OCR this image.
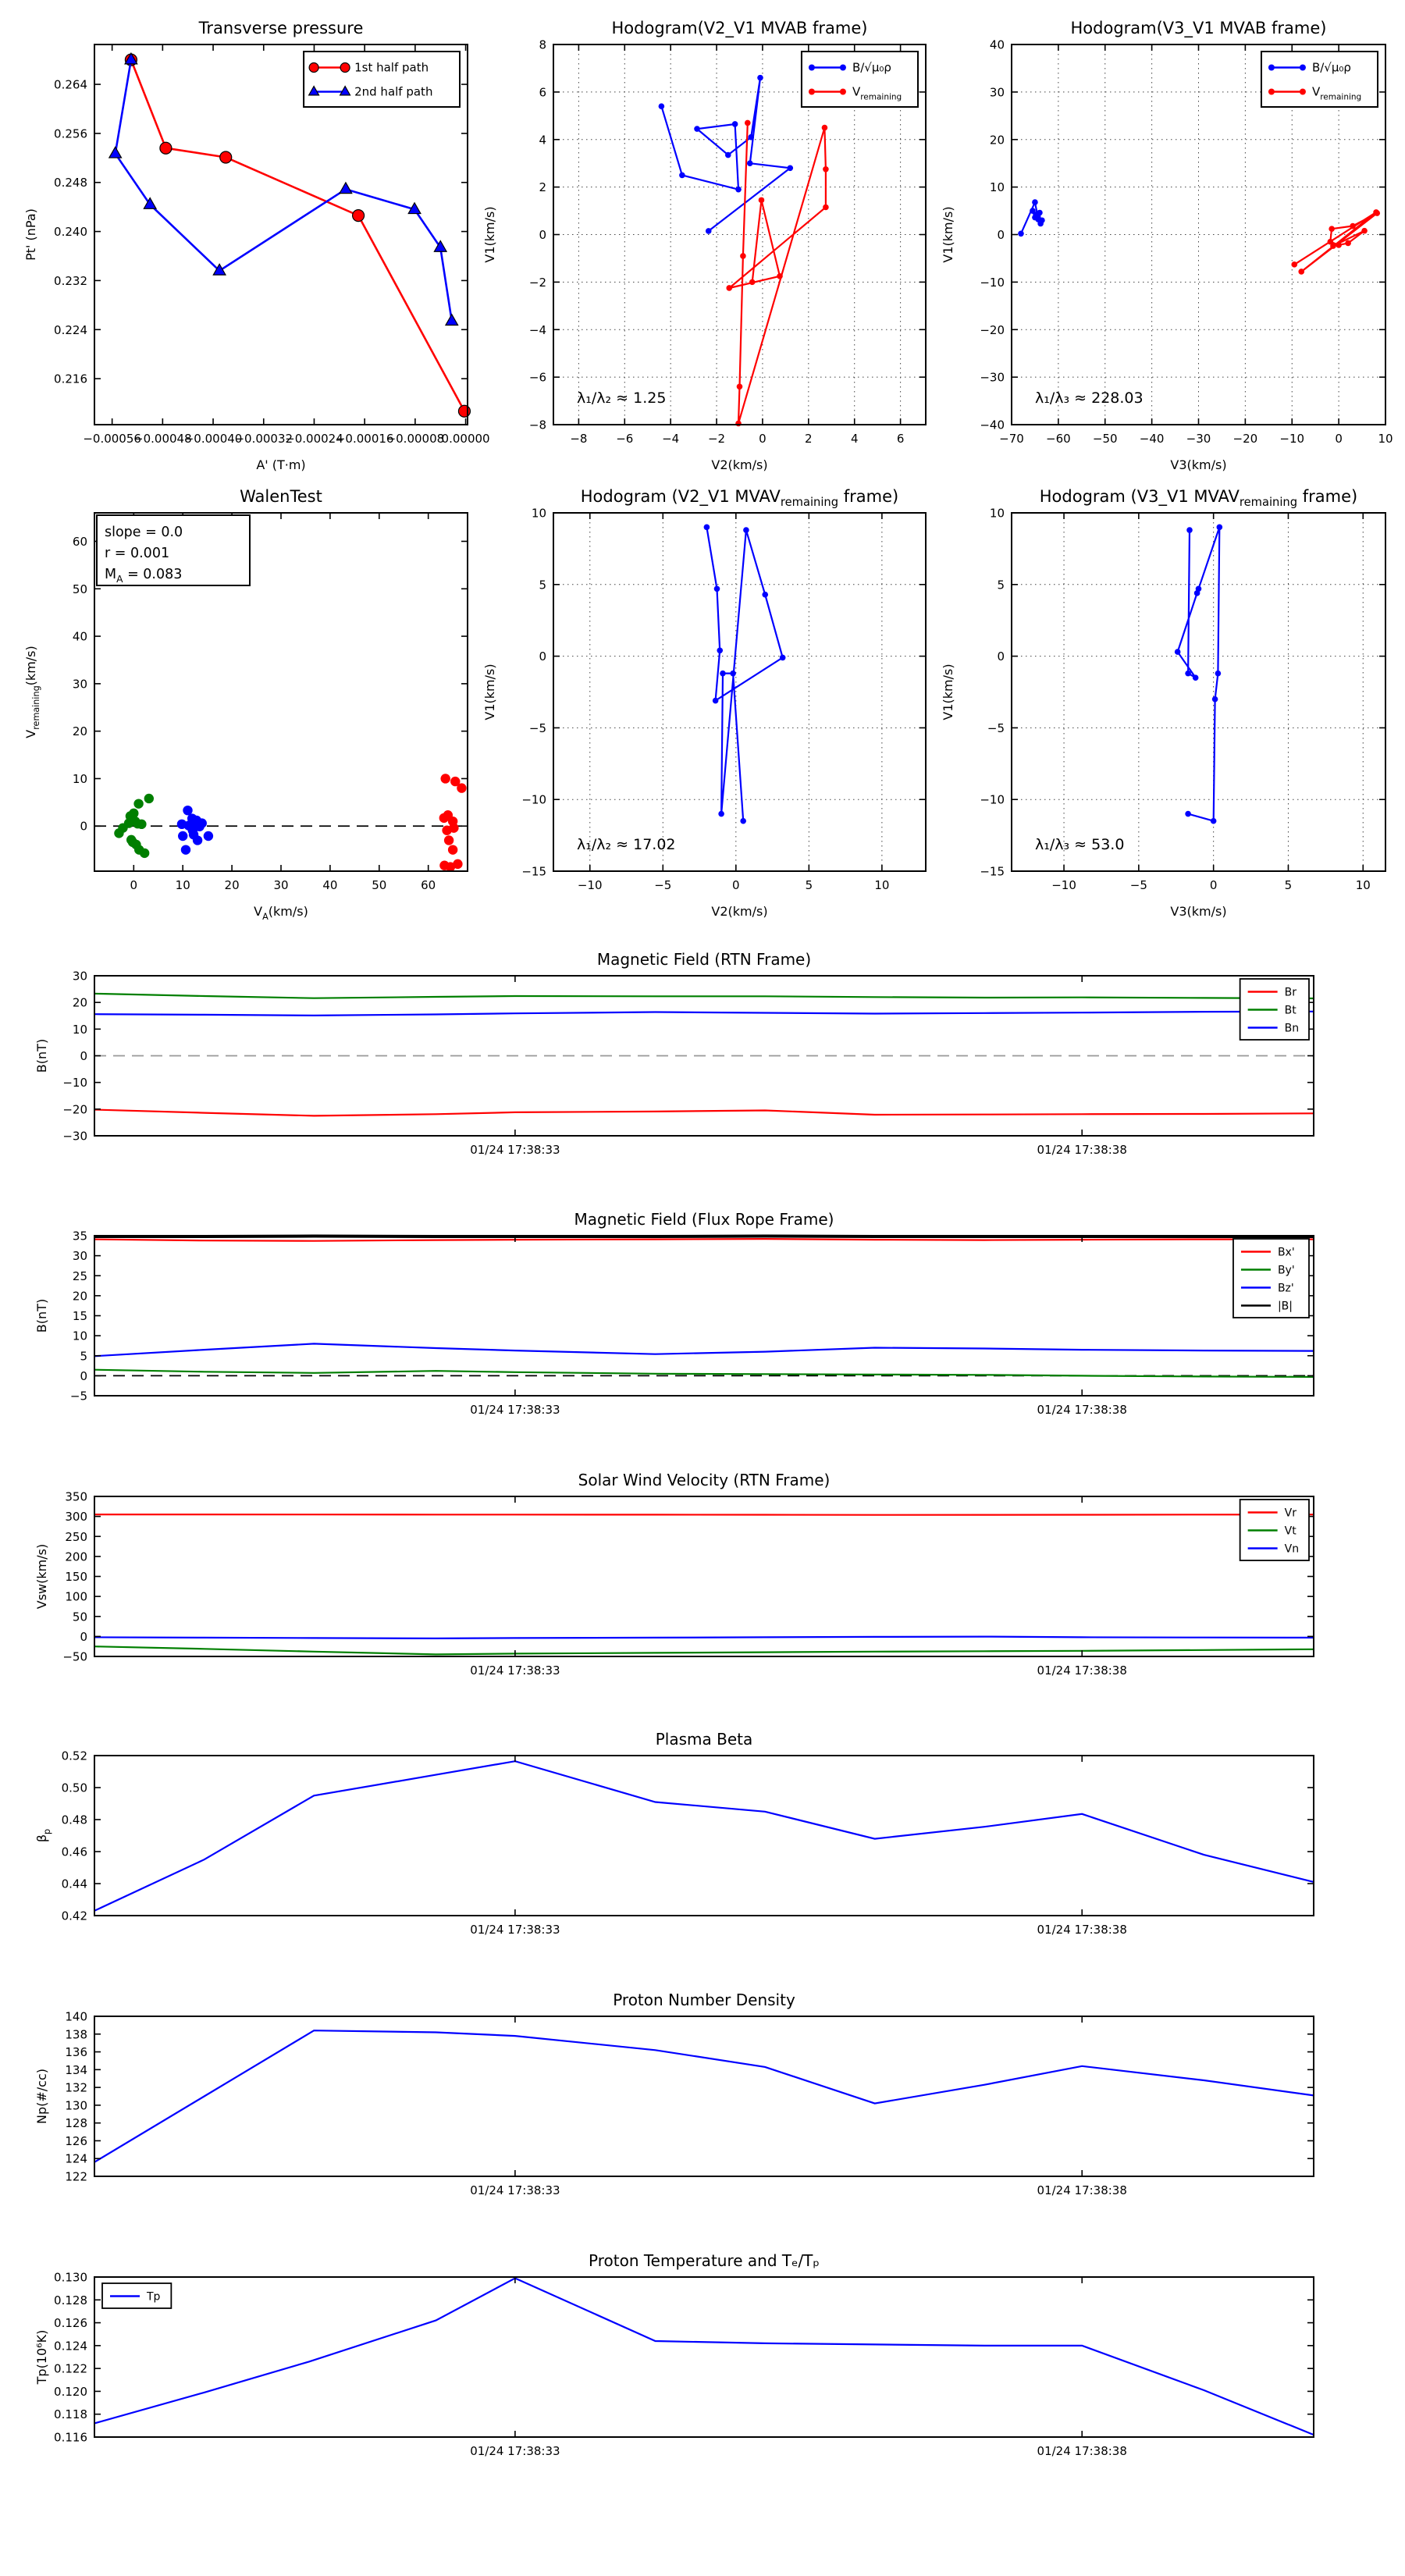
−0.00056
−0.00048
−0.00040
−0.00032
−0.00024
−0.00016
−0.00008
0.00000
0.216
0.224
0.232
0.240
0.248
0.256
0.264
Transverse pressure
A' (T·m)
Pt' (nPa)
1st half path
2nd half path
−8 −6 −4 −2	0	2	4	6
−8
−6
−4
−2
0
2
4
6
8
Hodogram(V2_V1 MVAB frame)
V2(km/s)
V1(km/s)
B/√μ₀ρ
$V_{remaining}$
λ₁/λ₂ ≈ 1.25
−70 −60 −50 −40 −30 −20 −10	0	10
−40
−30
−20
−10
0
10
20
30
40
Hodogram(V3_V1 MVAB frame)
V3(km/s)
V1(km/s)
B/√μ₀ρ
$V_{remaining}$
λ₁/λ₃ ≈ 228.03
0	10	20	30	40	50	60
0
10
20
30
40
50
60
WalenTest
$V_A(km/s)$
$V_{remaining}(km/s)$
slope = 0.0
r = 0.001
$M_A = 0.083$
−10	−5	0	5	10
−15
−10
−5
0
5
10
Hodogram (V2_V1 $MVAV_{remaining}$ frame)
V2(km/s)
V1(km/s)
λ₁/λ₂ ≈ 17.02
−10	−5	0	5	10
−15
−10
−5
0
5
10
Hodogram (V3_V1 $MVAV_{remaining}$ frame)
V3(km/s)
V1(km/s)
λ₁/λ₃ ≈ 53.0
01/24 17:38:33	01/24 17:38:38
−30
−20
−10
0
10
20
30
Magnetic Field (RTN Frame)
B(nT)
Br
Bt
Bn
01/24 17:38:33	01/24 17:38:38
−5
0
5
10
15
20
25
30
35
Magnetic Field (Flux Rope Frame)
B(nT)
Bx'
By'
Bz'
|B|
01/24 17:38:33	01/24 17:38:38
−50
0
50
100
150
200
250
300
350
Solar Wind Velocity (RTN Frame)
Vsw(km/s)
Vr
Vt
Vn
01/24 17:38:33	01/24 17:38:38
0.42
0.44
0.46
0.48
0.50
0.52
Plasma Beta
$\beta_p$
01/24 17:38:33	01/24 17:38:38
122
124
126
128
130
132
134
136
138
140
Proton Number Density
Np(#/cc)
01/24 17:38:33	01/24 17:38:38
0.116
0.118
0.120
0.122
0.124
0.126
0.128
0.130
Proton Temperature and Tₑ/Tₚ
Tp(10⁶K)
Tp
